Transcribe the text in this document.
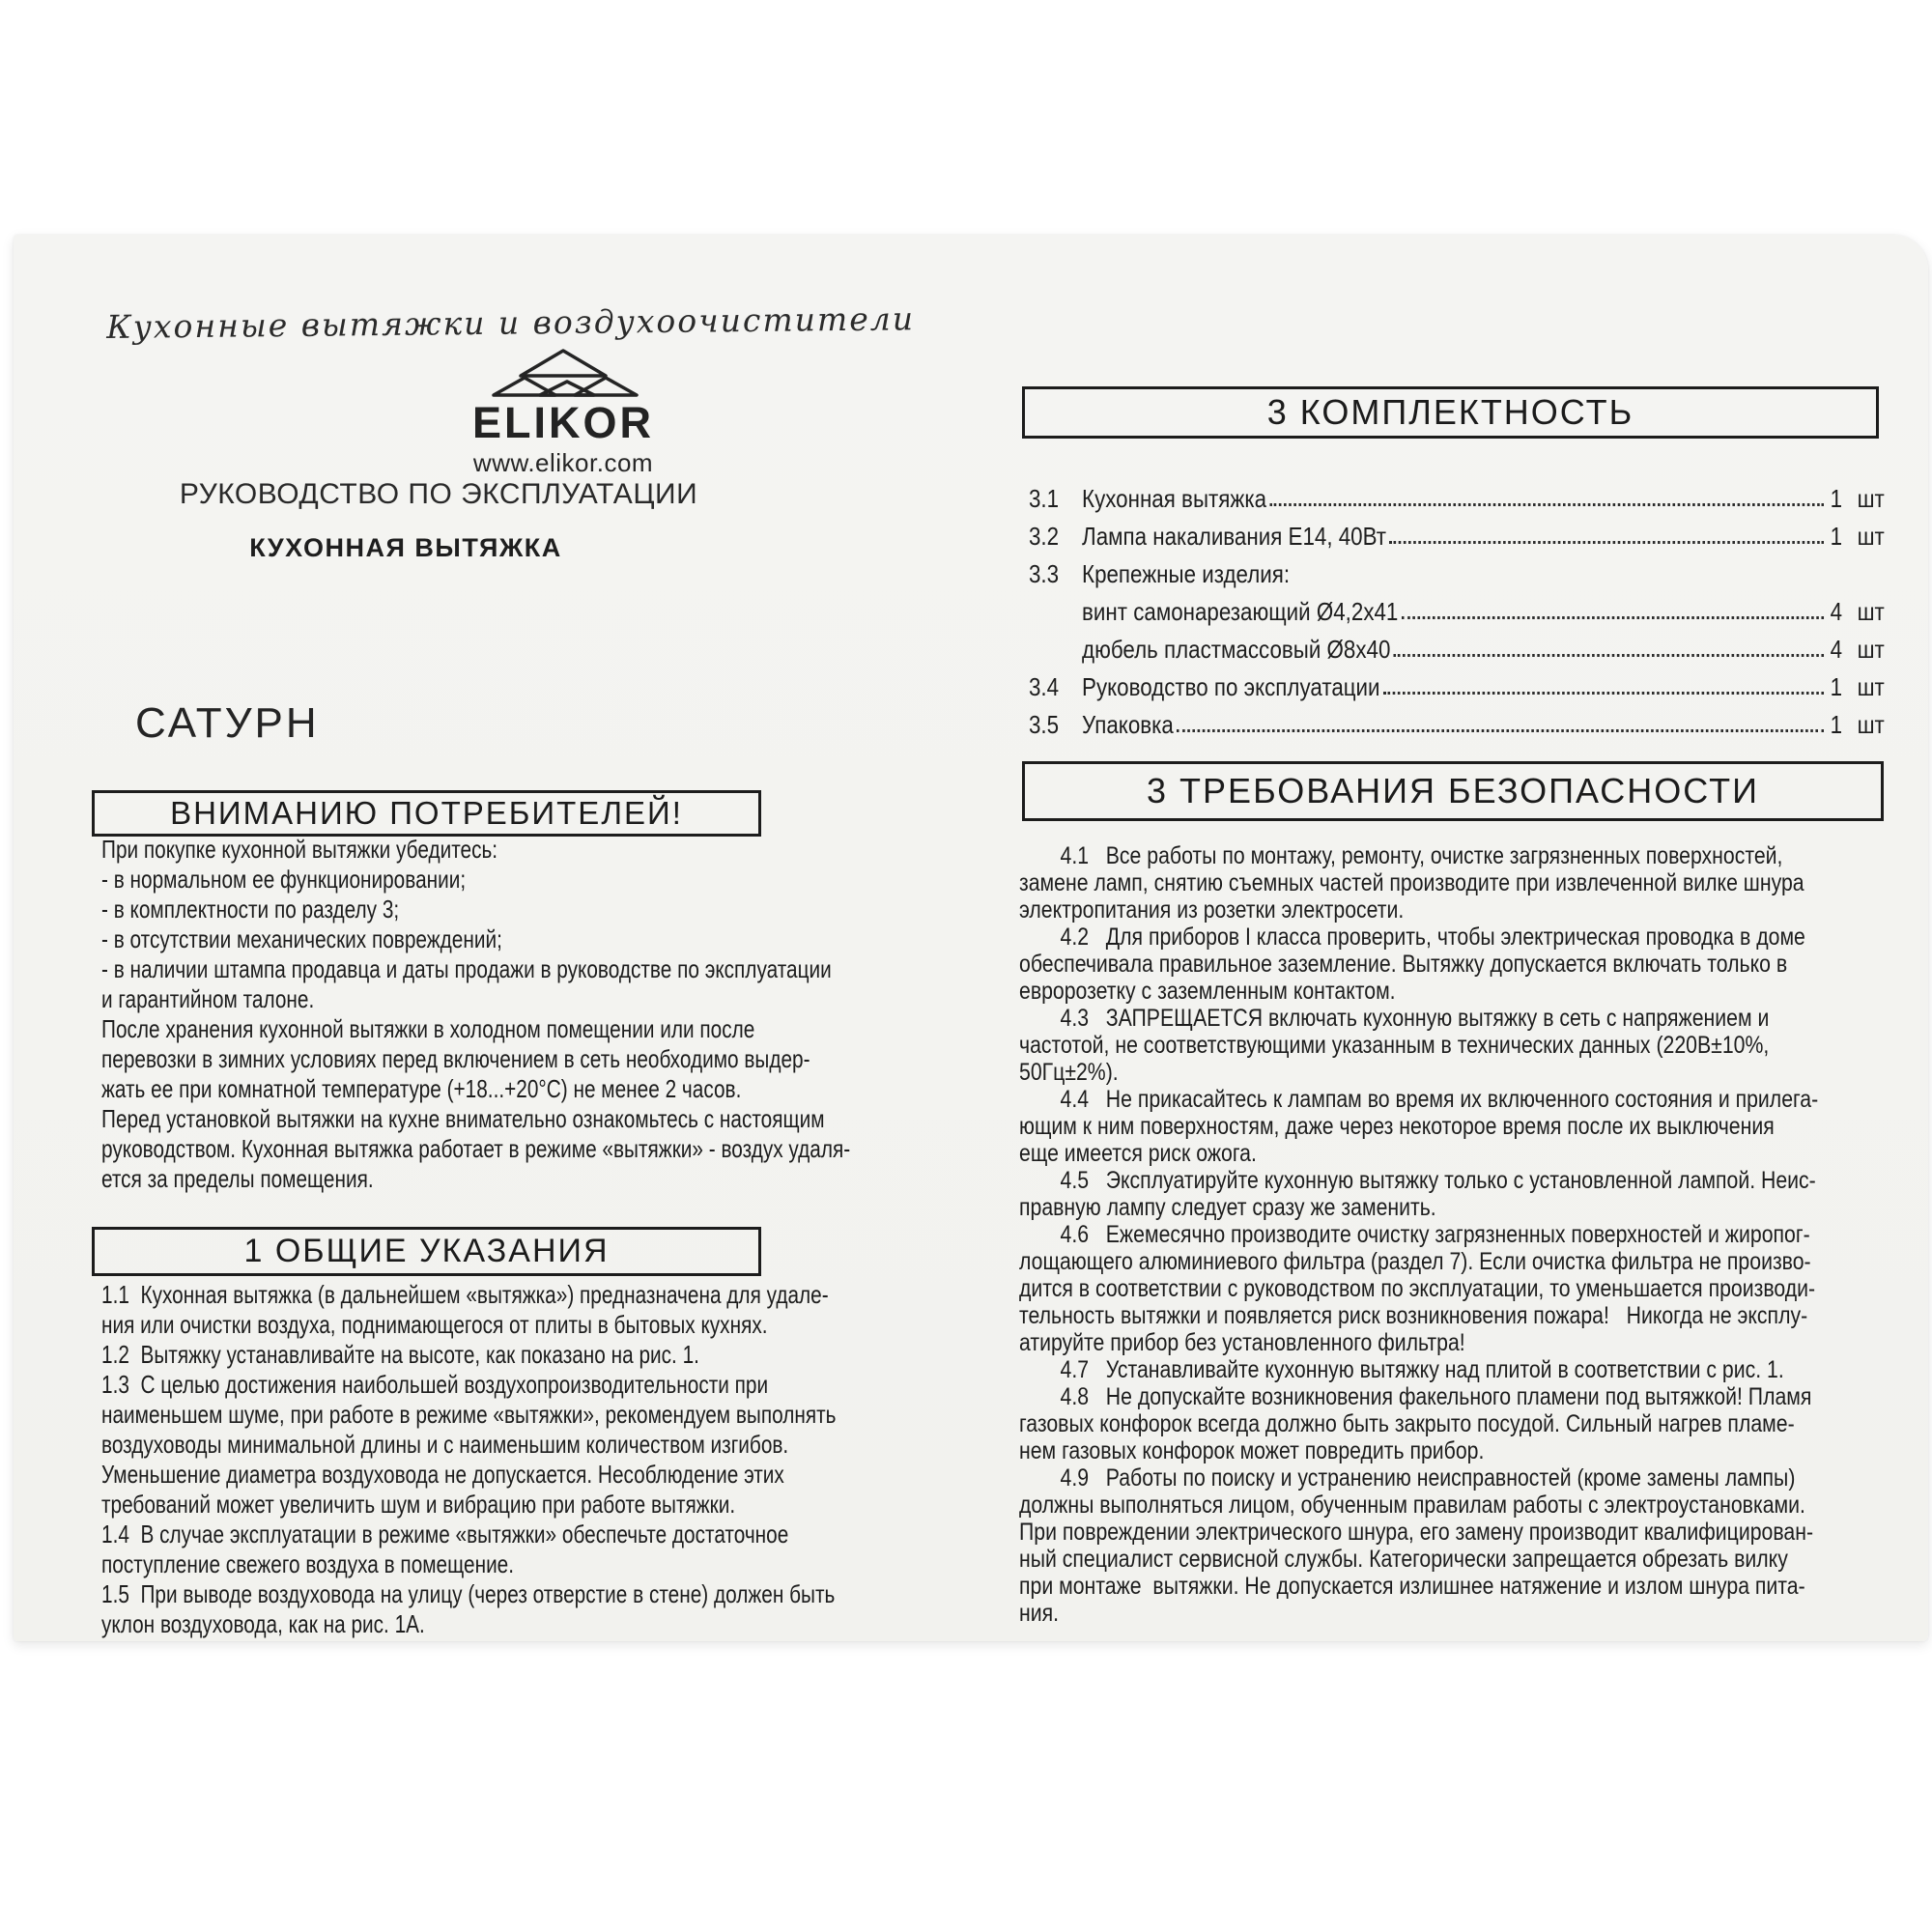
Кухонные вытяжки и воздухоочистители
ELIKOR
www.elikor.com
РУКОВОДСТВО ПО ЭКСПЛУАТАЦИИ
КУХОННАЯ ВЫТЯЖКА
САТУРН
ВНИМАНИЮ ПОТРЕБИТЕЛЕЙ!
При покупке кухонной вытяжки убедитесь:
- в нормальном ее функционировании;
- в комплектности по разделу 3;
- в отсутствии механических повреждений;
- в наличии штампа продавца и даты продажи в руководстве по эксплуатации
и гарантийном талоне.
После хранения кухонной вытяжки в холодном помещении или после
перевозки в зимних условиях перед включением в сеть необходимо выдер-
жать ее при комнатной температуре (+18...+20°С) не менее 2 часов.
Перед установкой вытяжки на кухне внимательно ознакомьтесь с настоящим
руководством. Кухонная вытяжка работает в режиме «вытяжки» - воздух удаля-
ется за пределы помещения.
1 ОБЩИЕ УКАЗАНИЯ
1.1  Кухонная вытяжка (в дальнейшем «вытяжка») предназначена для удале-
ния или очистки воздуха, поднимающегося от плиты в бытовых кухнях.
1.2  Вытяжку устанавливайте на высоте, как показано на рис. 1.
1.3  С целью достижения наибольшей воздухопроизводительности при
наименьшем шуме, при работе в режиме «вытяжки», рекомендуем выполнять
воздуховоды минимальной длины и с наименьшим количеством изгибов.
Уменьшение диаметра воздуховода не допускается. Несоблюдение этих
требований может увеличить шум и вибрацию при работе вытяжки.
1.4  В случае эксплуатации в режиме «вытяжки» обеспечьте достаточное
поступление свежего воздуха в помещение.
1.5  При выводе воздуховода на улицу (через отверстие в стене) должен быть
уклон воздуховода, как на рис. 1А.
3 КОМПЛЕКТНОСТЬ
3.1 Кухонная вытяжка	1 шт
3.2 Лампа накаливания Е14, 40Вт	1 шт
3.3 Крепежные изделия:
винт самонарезающий Ø4,2х41	4 шт
дюбель пластмассовый Ø8х40	4 шт
3.4 Руководство по эксплуатации	1 шт
3.5 Упаковка	1 шт
3 ТРЕБОВАНИЯ БЕЗОПАСНОСТИ
4.1   Все работы по монтажу, ремонту, очистке загрязненных поверхностей,
замене ламп, снятию съемных частей производите при извлеченной вилке шнура
электропитания из розетки электросети.
4.2   Для приборов I класса проверить, чтобы электрическая проводка в доме
обеспечивала правильное заземление. Вытяжку допускается включать только в
евророзетку с заземленным контактом.
4.3   ЗАПРЕЩАЕТСЯ включать кухонную вытяжку в сеть с напряжением и
частотой, не соответствующими указанным в технических данных (220В±10%,
50Гц±2%).
4.4   Не прикасайтесь к лампам во время их включенного состояния и прилега-
ющим к ним поверхностям, даже через некоторое время после их выключения
еще имеется риск ожога.
4.5   Эксплуатируйте кухонную вытяжку только с установленной лампой. Неис-
правную лампу следует сразу же заменить.
4.6   Ежемесячно производите очистку загрязненных поверхностей и жиропог-
лощающего алюминиевого фильтра (раздел 7). Если очистка фильтра не произво-
дится в соответствии с руководством по эксплуатации, то уменьшается производи-
тельность вытяжки и появляется риск возникновения пожара!   Никогда не эксплу-
атируйте прибор без установленного фильтра!
4.7   Устанавливайте кухонную вытяжку над плитой в соответствии с рис. 1.
4.8   Не допускайте возникновения факельного пламени под вытяжкой! Пламя
газовых конфорок всегда должно быть закрыто посудой. Сильный нагрев пламе-
нем газовых конфорок может повредить прибор.
4.9   Работы по поиску и устранению неисправностей (кроме замены лампы)
должны выполняться лицом, обученным правилам работы с электроустановками.
При повреждении электрического шнура, его замену производит квалифицирован-
ный специалист сервисной службы. Категорически запрещается обрезать вилку
при монтаже  вытяжки. Не допускается излишнее натяжение и излом шнура пита-
ния.
